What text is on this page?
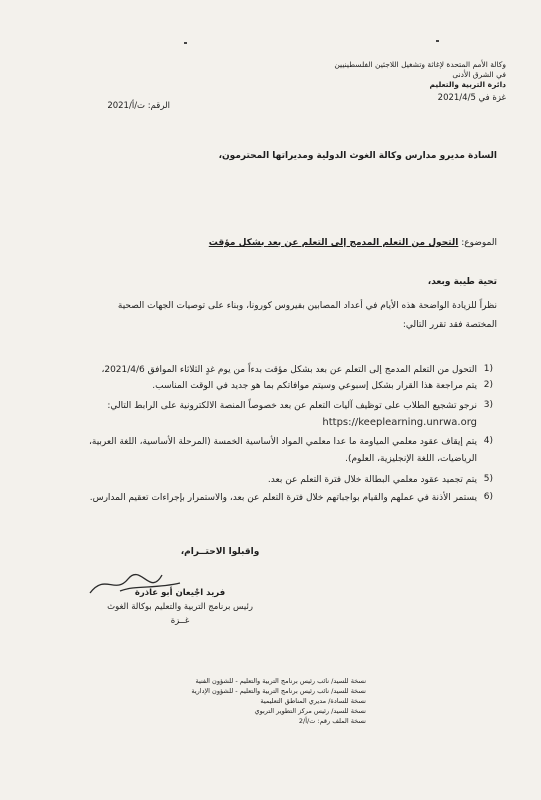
وكالة الأمم المتحدة لإغاثة وتشغيل اللاجئين الفلسطينيين
في الشرق الأدنى
دائرة التربية والتعليم
غزة في 2021/4/5
الرقم: ت/أ/2021
السادة مديرو مدارس وكالة الغوث الدولية ومديراتها المحترمون،
الموضوع: التحول من التعلم المدمج إلى التعلم عن بعد بشكل مؤقت
تحية طيبة وبعد،
نظراً للزيادة الواضحة هذه الأيام في أعداد المصابين بفيروس كورونا، وبناء على توصيات الجهات الصحية
المختصة فقد تقرر التالي:
1)
التحول من التعلم المدمج إلى التعلم عن بعد بشكل مؤقت بدءاً من يوم غدٍ الثلاثاء الموافق 2021/4/6،
2)
يتم مراجعة هذا القرار بشكل إسبوعي وسيتم موافاتكم بما هو جديد في الوقت المناسب.
3)
نرجو تشجيع الطلاب على توظيف آليات التعلم عن بعد خصوصاً المنصة الالكترونية على الرابط التالي:
https://keeplearning.unrwa.org
4)
يتم إيقاف عقود معلمي المياومة ما عدا معلمي المواد الأساسية الخمسة (المرحلة الأساسية، اللغة العربية،
الرياضيات، اللغة الإنجليزية، العلوم).
5)
يتم تجميد عقود معلمي البطالة خلال فترة التعلم عن بعد.
6)
يستمر الأذنة في عملهم والقيام بواجباتهم خلال فترة التعلم عن بعد، والاستمرار بإجراءات تعقيم المدارس.
واقبلوا الاحتــرام،
فريد اجْيعان أبو عاذرة
رئيس برنامج التربية والتعليم بوكالة الغوث
غــزة
نسخة للسيد/ نائب رئيس برنامج التربية والتعليم - للشؤون الفنية
نسخة للسيد/ نائب رئيس برنامج التربية والتعليم - للشؤون الإدارية
نسخة للسادة/ مديري المناطق التعليمية
نسخة للسيد/ رئيس مركز التطوير التربوي
نسخة الملف رقم: ت/أ/2
